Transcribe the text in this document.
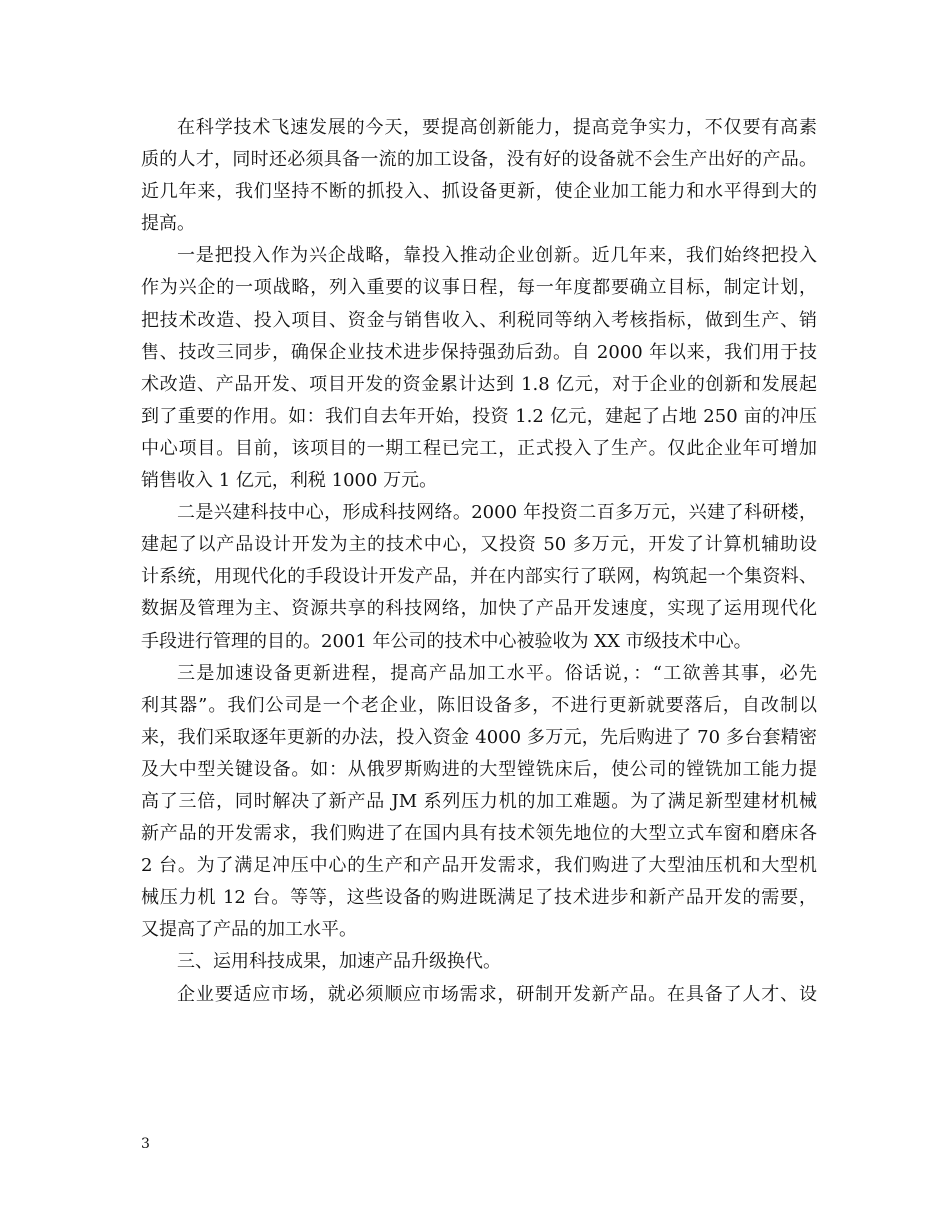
在科学技术飞速发展的今天，要提高创新能力，提高竞争实力，不仅要有高素
质的人才，同时还必须具备一流的加工设备，没有好的设备就不会生产出好的产品。
近几年来，我们坚持不断的抓投入、抓设备更新，使企业加工能力和水平得到大的
提高。
一是把投入作为兴企战略，靠投入推动企业创新。近几年来，我们始终把投入
作为兴企的一项战略，列入重要的议事日程，每一年度都要确立目标，制定计划，
把技术改造、投入项目、资金与销售收入、利税同等纳入考核指标，做到生产、销
售、技改三同步，确保企业技术进步保持强劲后劲。自 2000 年以来，我们用于技
术改造、产品开发、项目开发的资金累计达到 1.8 亿元，对于企业的创新和发展起
到了重要的作用。如：我们自去年开始，投资 1.2 亿元，建起了占地 250 亩的冲压
中心项目。目前，该项目的一期工程已完工，正式投入了生产。仅此企业年可增加
销售收入 1 亿元，利税 1000 万元。
二是兴建科技中心，形成科技网络。2000 年投资二百多万元，兴建了科研楼，
建起了以产品设计开发为主的技术中心，又投资 50 多万元，开发了计算机辅助设
计系统，用现代化的手段设计开发产品，并在内部实行了联网，构筑起一个集资料、
数据及管理为主、资源共享的科技网络，加快了产品开发速度，实现了运用现代化
手段进行管理的目的。2001 年公司的技术中心被验收为 XX 市级技术中心。
三是加速设备更新进程，提高产品加工水平。俗话说，：“工欲善其事，必先
利其器”。我们公司是一个老企业，陈旧设备多，不进行更新就要落后，自改制以
来，我们采取逐年更新的办法，投入资金 4000 多万元，先后购进了 70 多台套精密
及大中型关键设备。如：从俄罗斯购进的大型镗铣床后，使公司的镗铣加工能力提
高了三倍，同时解决了新产品 JM 系列压力机的加工难题。为了满足新型建材机械
新产品的开发需求，我们购进了在国内具有技术领先地位的大型立式车窗和磨床各
2 台。为了满足冲压中心的生产和产品开发需求，我们购进了大型油压机和大型机
械压力机 12 台。等等，这些设备的购进既满足了技术进步和新产品开发的需要，
又提高了产品的加工水平。
三、运用科技成果，加速产品升级换代。
企业要适应市场，就必须顺应市场需求，研制开发新产品。在具备了人才、设
3
